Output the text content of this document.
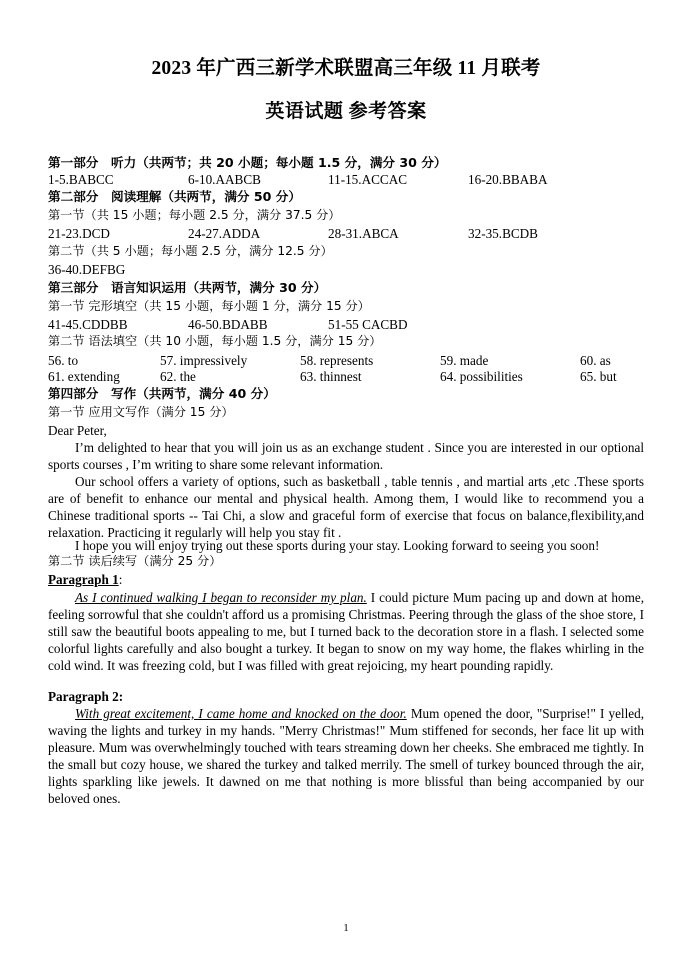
2023 年广西三新学术联盟高三年级 11 月联考
英语试题 参考答案
第一部分　听力（共两节；共 20 小题；每小题 1.5 分，满分 30 分）
1-5.BABCC	6-10.AABCB	11-15.ACCAC	16-20.BBABA
第二部分　阅读理解（共两节，满分 50 分）
第一节（共 15 小题；每小题 2.5 分，满分 37.5 分）
21-23.DCD	24-27.ADDA	28-31.ABCA	32-35.BCDB
第二节（共 5 小题；每小题 2.5 分，满分 12.5 分）
36-40.DEFBG
第三部分　语言知识运用（共两节，满分 30 分）
第一节 完形填空（共 15 小题，每小题 1 分，满分 15 分）
41-45.CDDBB	46-50.BDABB	51-55 CACBD
第二节 语法填空（共 10 小题，每小题 1.5 分，满分 15 分）
56. to	57. impressively	58. represents	59. made	60. as
61. extending	62. the	63. thinnest	64. possibilities	65. but
第四部分　写作（共两节，满分 40 分）
第一节 应用文写作（满分 15 分）
Dear Peter,

I’m delighted to hear that you will join us as an exchange student . Since you are interested in our optional sports courses , I’m writing to share some relevant information.

Our school offers a variety of options, such as basketball , table tennis , and martial arts ,etc .These sports are of benefit to enhance our mental and physical health. Among them, I would like to recommend you a Chinese traditional sports -- Tai Chi, a slow and graceful form of exercise that focus on balance,flexibility,and relaxation. Practicing it regularly will help you stay fit .

I hope you will enjoy trying out these sports during your stay. Looking forward to seeing you soon!

第二节 读后续写（满分 25 分）
Paragraph 1:

As I continued walking I began to reconsider my plan. I could picture Mum pacing up and down at home, feeling sorrowful that she couldn't afford us a promising Christmas. Peering through the glass of the shoe store, I still saw the beautiful boots appealing to me, but I turned back to the decoration store in a flash. I selected some colorful lights carefully and also bought a turkey. It began to snow on my way home, the flakes whirling in the cold wind. It was freezing cold, but I was filled with great rejoicing, my heart pounding rapidly.

Paragraph 2:

With great excitement, I came home and knocked on the door. Mum opened the door, "Surprise!" I yelled, waving the lights and turkey in my hands. "Merry Christmas!" Mum stiffened for seconds, her face lit up with pleasure. Mum was overwhelmingly touched with tears streaming down her cheeks. She embraced me tightly. In the small but cozy house, we shared the turkey and talked merrily. The smell of turkey bounced through the air, lights sparkling like jewels. It dawned on me that nothing is more blissful than being accompanied by our beloved ones.

1
